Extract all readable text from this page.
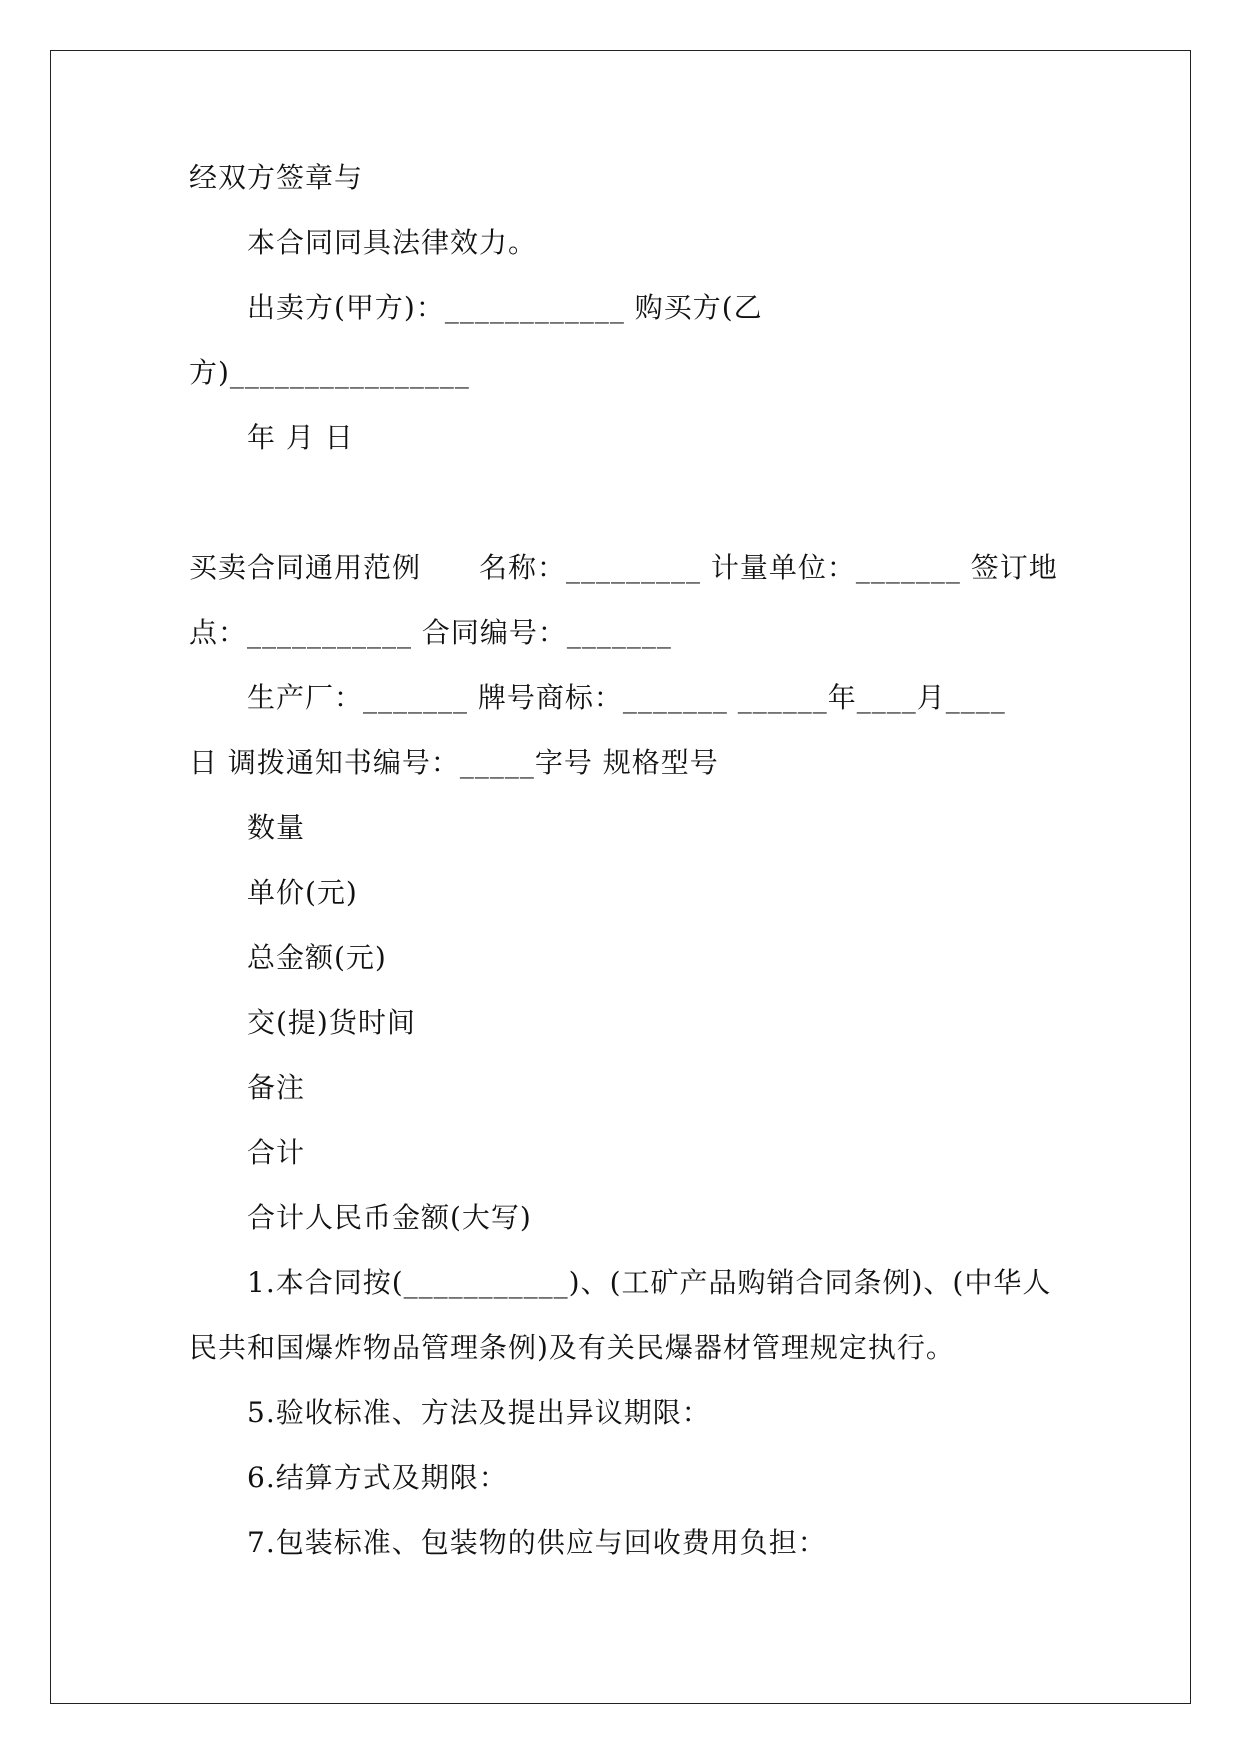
经双方签章与
本合同同具法律效力。
出卖方(甲方)：____________ 购买方(乙
方)________________
年 月 日
买卖合同通用范例　　名称：_________ 计量单位：_______ 签订地
点：___________ 合同编号：_______
生产厂：_______ 牌号商标：_______ ______年____月____
日 调拨通知书编号：_____字号 规格型号
数量
单价(元)
总金额(元)
交(提)货时间
备注
合计
合计人民币金额(大写)
1.本合同按(___________)、(工矿产品购销合同条例)、(中华人
民共和国爆炸物品管理条例)及有关民爆器材管理规定执行。
5.验收标准、方法及提出异议期限：
6.结算方式及期限：
7.包装标准、包装物的供应与回收费用负担：
